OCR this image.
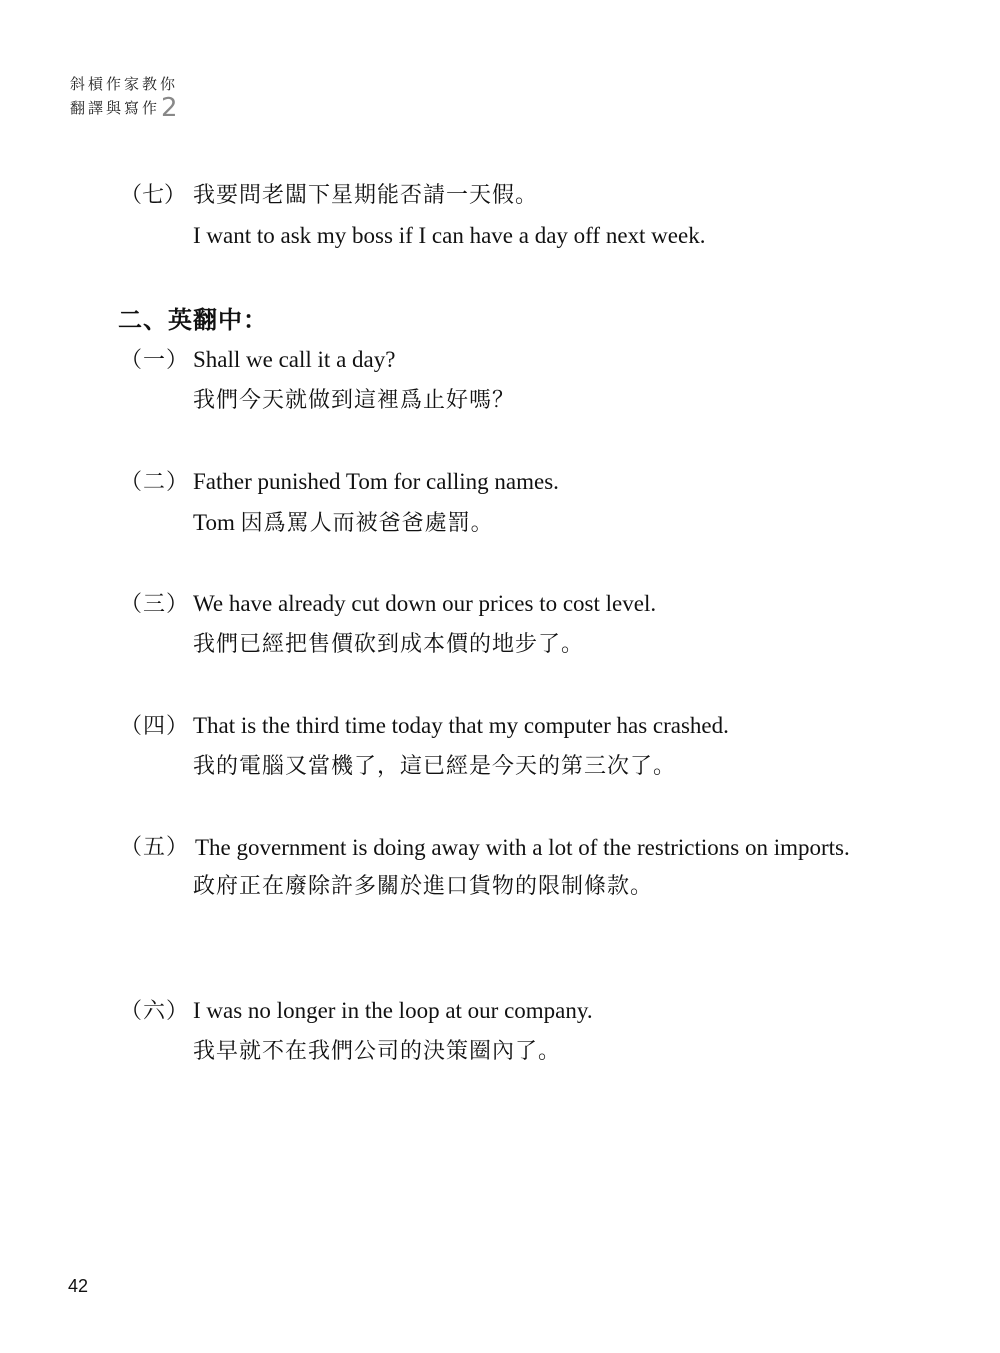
斜槓作家教你
翻譯與寫作2
（七） 我要問老闆下星期能否請一天假。
I want to ask my boss if I can have a day off next week.
二、英翻中：
（一） Shall we call it a day?
我們今天就做到這裡爲止好嗎？
（二） Father punished Tom for calling names.
Tom 因爲罵人而被爸爸處罰。
（三） We have already cut down our prices to cost level.
我們已經把售價砍到成本價的地步了。
（四） That is the third time today that my computer has crashed.
我的電腦又當機了，這已經是今天的第三次了。
（五） The government is doing away with a lot of the restrictions on imports.
政府正在廢除許多關於進口貨物的限制條款。
（六） I was no longer in the loop at our company.
我早就不在我們公司的決策圈內了。
42
